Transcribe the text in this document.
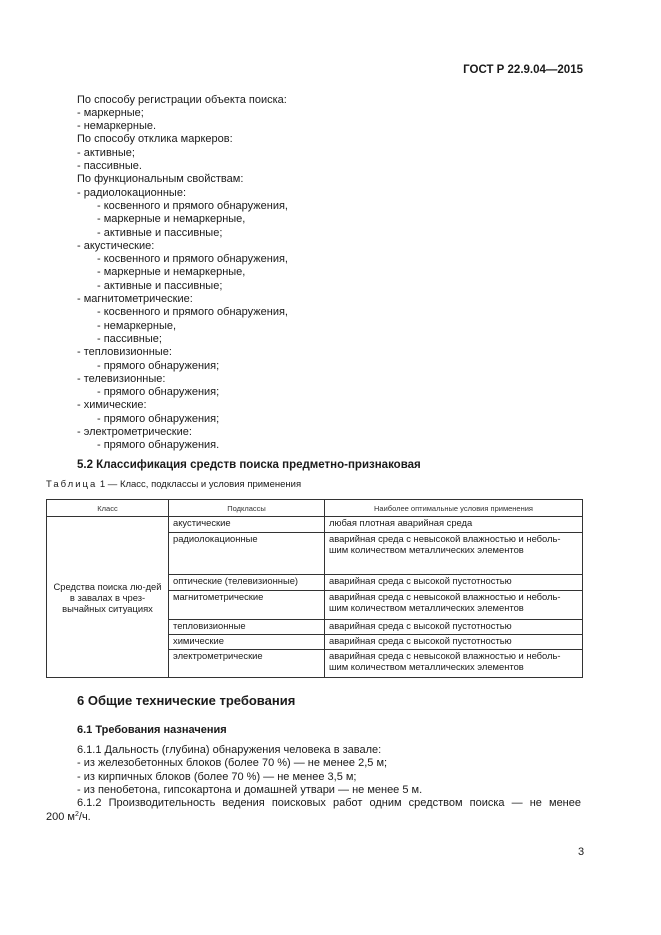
ГОСТ Р 22.9.04—2015
По способу регистрации объекта поиска:
- маркерные;
- немаркерные.
По способу отклика маркеров:
- активные;
- пассивные.
По функциональным свойствам:
- радиолокационные:
- косвенного и прямого обнаружения,
- маркерные и немаркерные,
- активные и пассивные;
- акустические:
- косвенного и прямого обнаружения,
- маркерные и немаркерные,
- активные и пассивные;
- магнитометрические:
- косвенного и прямого обнаружения,
- немаркерные,
- пассивные;
- тепловизионные:
- прямого обнаружения;
- телевизионные:
- прямого обнаружения;
- химические:
- прямого обнаружения;
- электрометрические:
- прямого обнаружения.
5.2 Классификация средств поиска предметно-признаковая
Таблица 1 — Класс, подклассы и условия применения
Класс	Подклассы	Наиболее оптимальные условия применения
Средства поиска лю-дей в завалах в чрез-вычайных ситуациях	акустические	любая плотная аварийная среда
	радиолокационные	аварийная среда с невысокой влажностью и неболь-шим количеством металлических элементов
	оптические (телевизионные)	аварийная среда с высокой пустотностью
	магнитометрические	аварийная среда с невысокой влажностью и неболь-шим количеством металлических элементов
	тепловизионные	аварийная среда с высокой пустотностью
	химические	аварийная среда с высокой пустотностью
	электрометрические	аварийная среда с невысокой влажностью и неболь-шим количеством металлических элементов
6 Общие технические требования
6.1 Требования назначения
6.1.1 Дальность (глубина) обнаружения человека в завале:
- из железобетонных блоков (более 70 %) — не менее 2,5 м;
- из кирпичных блоков (более 70 %) — не менее 3,5 м;
- из пенобетона, гипсокартона и домашней утвари — не менее 5 м.
6.1.2 Производительность ведения поисковых работ одним средством поиска — не менее
200 $м^2/ч$.
3
